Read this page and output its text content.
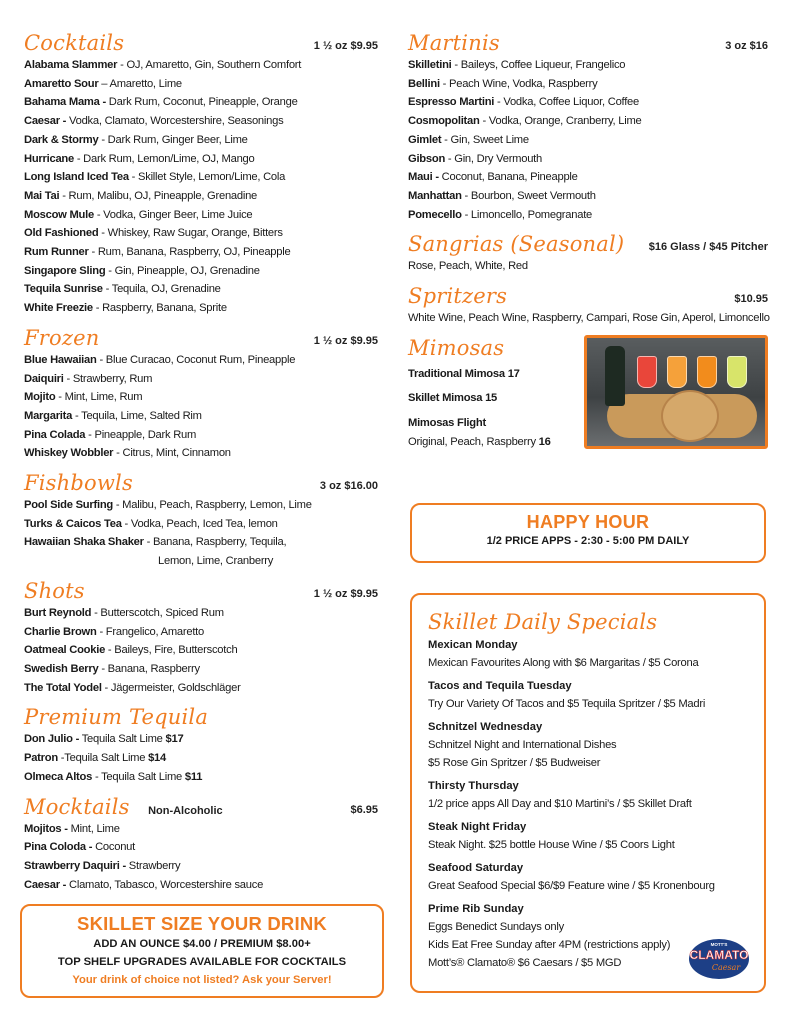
Cocktails	1 ½ oz $9.95
Alabama Slammer - OJ, Amaretto, Gin, Southern Comfort
Amaretto Sour – Amaretto, Lime
Bahama Mama - Dark Rum, Coconut, Pineapple, Orange
Caesar - Vodka, Clamato, Worcestershire, Seasonings
Dark & Stormy - Dark Rum, Ginger Beer, Lime
Hurricane - Dark Rum, Lemon/Lime, OJ, Mango
Long Island Iced Tea - Skillet Style, Lemon/Lime, Cola
Mai Tai - Rum, Malibu, OJ, Pineapple, Grenadine
Moscow Mule - Vodka, Ginger Beer, Lime Juice
Old Fashioned - Whiskey, Raw Sugar, Orange, Bitters
Rum Runner - Rum, Banana, Raspberry, OJ, Pineapple
Singapore Sling - Gin, Pineapple, OJ, Grenadine
Tequila Sunrise - Tequila, OJ, Grenadine
White Freezie - Raspberry, Banana, Sprite
Frozen	1 ½ oz $9.95
Blue Hawaiian - Blue Curacao, Coconut Rum, Pineapple
Daiquiri - Strawberry, Rum
Mojito - Mint, Lime, Rum
Margarita - Tequila, Lime, Salted Rim
Pina Colada - Pineapple, Dark Rum
Whiskey Wobbler - Citrus, Mint, Cinnamon
Fishbowls	3 oz $16.00
Pool Side Surfing - Malibu, Peach, Raspberry, Lemon, Lime
Turks & Caicos Tea - Vodka, Peach, Iced Tea, lemon
Hawaiian Shaka Shaker - Banana, Raspberry, Tequila,
Lemon, Lime, Cranberry
Shots	1 ½ oz $9.95
Burt Reynold - Butterscotch, Spiced Rum
Charlie Brown - Frangelico, Amaretto
Oatmeal Cookie - Baileys, Fire, Butterscotch
Swedish Berry - Banana, Raspberry
The Total Yodel - Jägermeister, Goldschläger
Premium Tequila
Don Julio - Tequila Salt Lime $17
Patron -Tequila Salt Lime $14
Olmeca Altos - Tequila Salt Lime $11
Mocktails Non-Alcoholic	$6.95
Mojitos - Mint, Lime
Pina Coloda - Coconut
Strawberry Daquiri - Strawberry
Caesar - Clamato, Tabasco, Worcestershire sauce
SKILLET SIZE YOUR DRINK
ADD AN OUNCE $4.00 / PREMIUM $8.00+
TOP SHELF UPGRADES AVAILABLE FOR COCKTAILS
Your drink of choice not listed? Ask your Server!
Martinis	3 oz $16
Skilletini - Baileys, Coffee Liqueur, Frangelico
Bellini - Peach Wine, Vodka, Raspberry
Espresso Martini - Vodka, Coffee Liquor, Coffee
Cosmopolitan - Vodka, Orange, Cranberry, Lime
Gimlet - Gin, Sweet Lime
Gibson - Gin, Dry Vermouth
Maui - Coconut, Banana, Pineapple
Manhattan - Bourbon, Sweet Vermouth
Pomecello - Limoncello, Pomegranate
Sangrias (Seasonal) $16 Glass / $45 Pitcher
Rose, Peach, White, Red
Spritzers	$10.95
White Wine, Peach Wine, Raspberry, Campari, Rose Gin, Aperol, Limoncello
Mimosas
Traditional Mimosa 17
Skillet Mimosa 15
Mimosas Flight
Original, Peach, Raspberry 16
HAPPY HOUR
1/2 PRICE APPS - 2:30 - 5:00 PM DAILY
Skillet Daily Specials
Mexican Monday
Mexican Favourites Along with $6 Margaritas / $5 Corona
Tacos and Tequila Tuesday
Try Our Variety Of Tacos and $5 Tequila Spritzer / $5 Madri
Schnitzel Wednesday
Schnitzel Night and International Dishes
$5 Rose Gin Spritzer / $5 Budweiser
Thirsty Thursday
1/2 price apps All Day and $10 Martini’s / $5 Skillet Draft
Steak Night Friday
Steak Night. $25 bottle House Wine / $5 Coors Light
Seafood Saturday
Great Seafood Special $6/$9 Feature wine / $5 Kronenbourg
Prime Rib Sunday
Eggs Benedict Sundays only
Kids Eat Free Sunday after 4PM (restrictions apply)
Mott’s® Clamato® $6 Caesars / $5 MGD
MOTT'S
CLAMATO
Caesar
